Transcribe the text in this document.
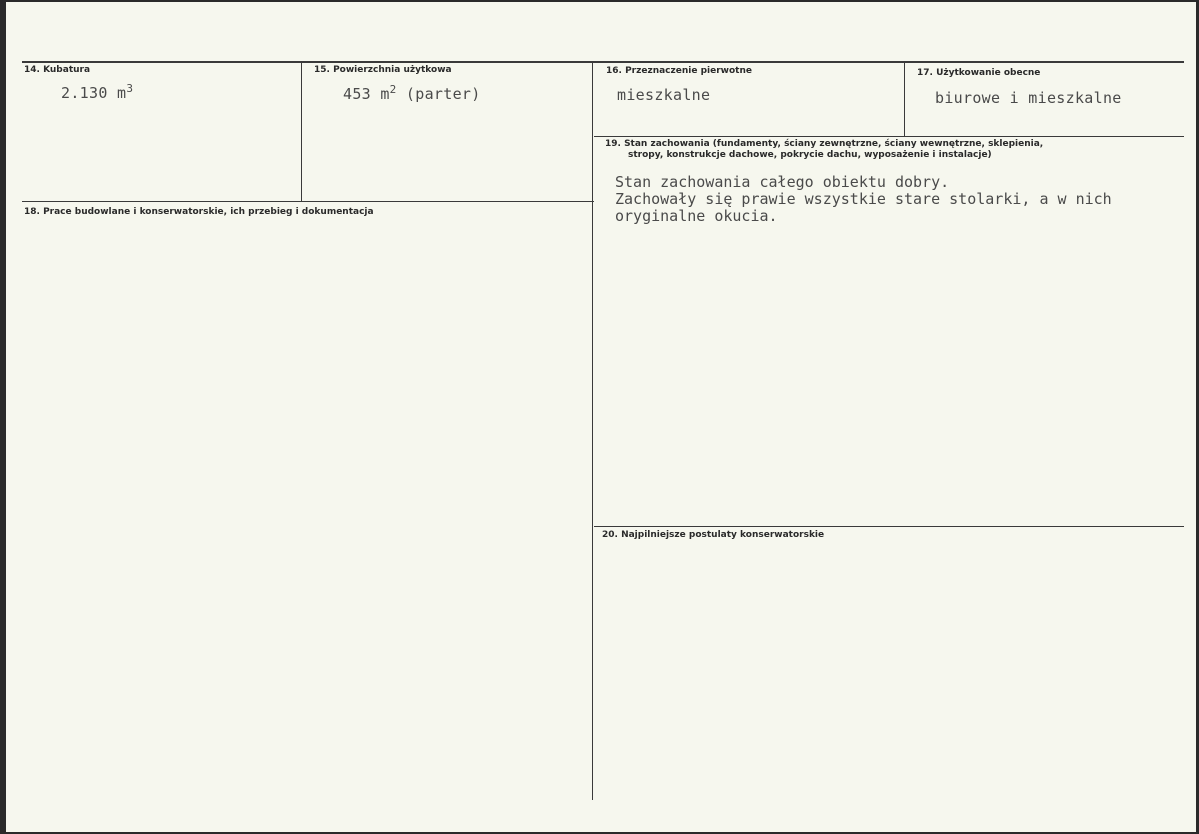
14. Kubatura
2.130 $m^3$
15. Powierzchnia użytkowa
453 $m^2$ (parter)
16. Przeznaczenie pierwotne
mieszkalne
17. Użytkowanie obecne
biurowe i mieszkalne
18. Prace budowlane i konserwatorskie, ich przebieg i dokumentacja
19. Stan zachowania (fundamenty, ściany zewnętrzne, ściany wewnętrzne, sklepienia,
stropy, konstrukcje dachowe, pokrycie dachu, wyposażenie i instalacje)
Stan zachowania całego obiektu dobry.
Zachowały się prawie wszystkie stare stolarki, a w nich
oryginalne okucia.
20. Najpilniejsze postulaty konserwatorskie
